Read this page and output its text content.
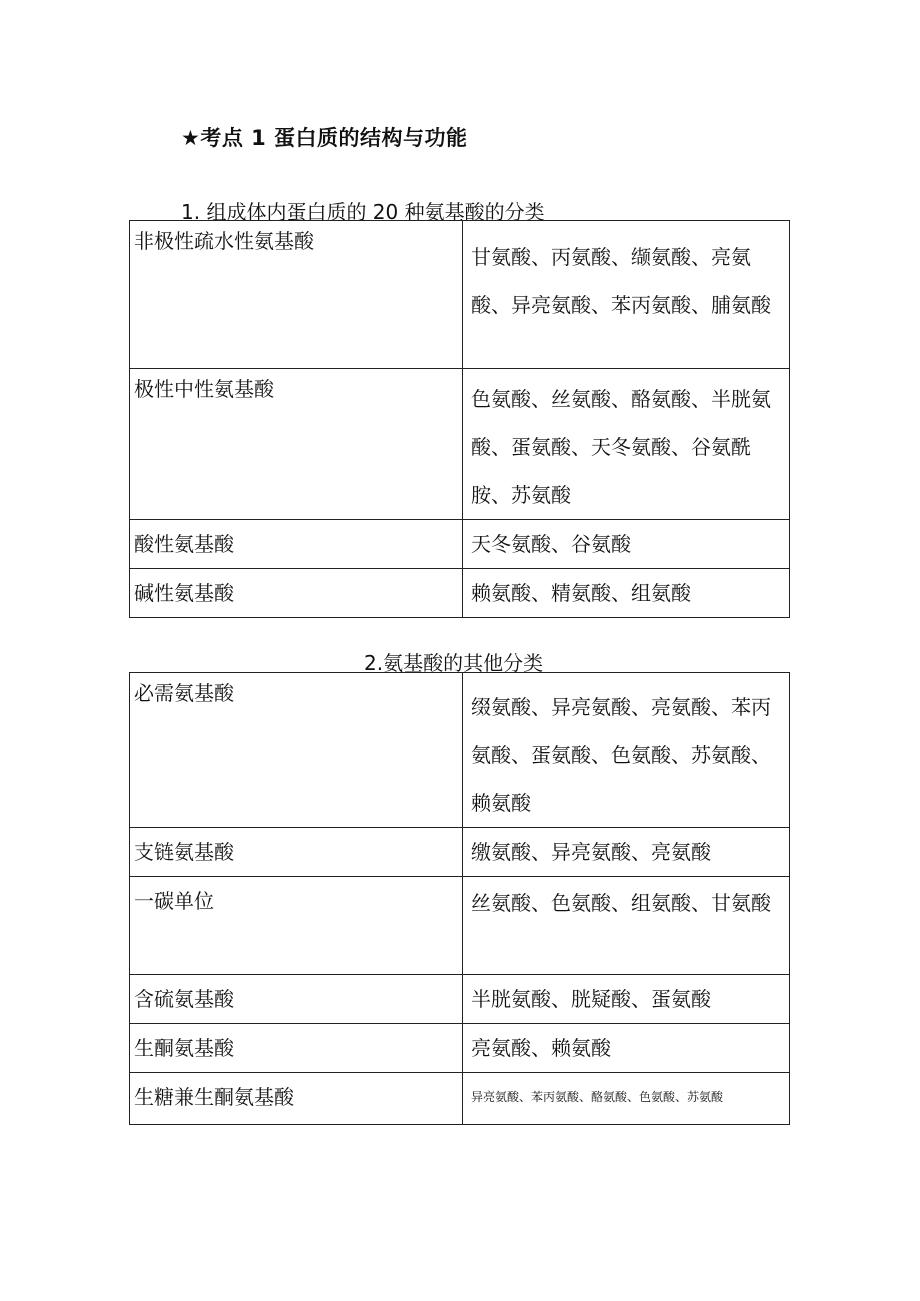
★考点 1 蛋白质的结构与功能
1. 组成体内蛋白质的 20 种氨基酸的分类
非极性疏水性氨基酸	甘氨酸、丙氨酸、缬氨酸、亮氨酸、异亮氨酸、苯丙氨酸、脯氨酸

极性中性氨基酸	色氨酸、丝氨酸、酪氨酸、半胱氨酸、蛋氨酸、天冬氨酸、谷氨酰胺、苏氨酸

酸性氨基酸	天冬氨酸、谷氨酸

碱性氨基酸	赖氨酸、精氨酸、组氨酸
2.氨基酸的其他分类
必需氨基酸	缀氨酸、异亮氨酸、亮氨酸、苯丙氨酸、蛋氨酸、色氨酸、苏氨酸、赖氨酸

支链氨基酸	缴氨酸、异亮氨酸、亮氨酸

一碳单位	丝氨酸、色氨酸、组氨酸、甘氨酸

含硫氨基酸	半胱氨酸、胱疑酸、蛋氨酸

生酮氨基酸	亮氨酸、赖氨酸

生糖兼生酮氨基酸	异亮氨酸、苯丙氨酸、酪氨酸、色氨酸、苏氨酸
